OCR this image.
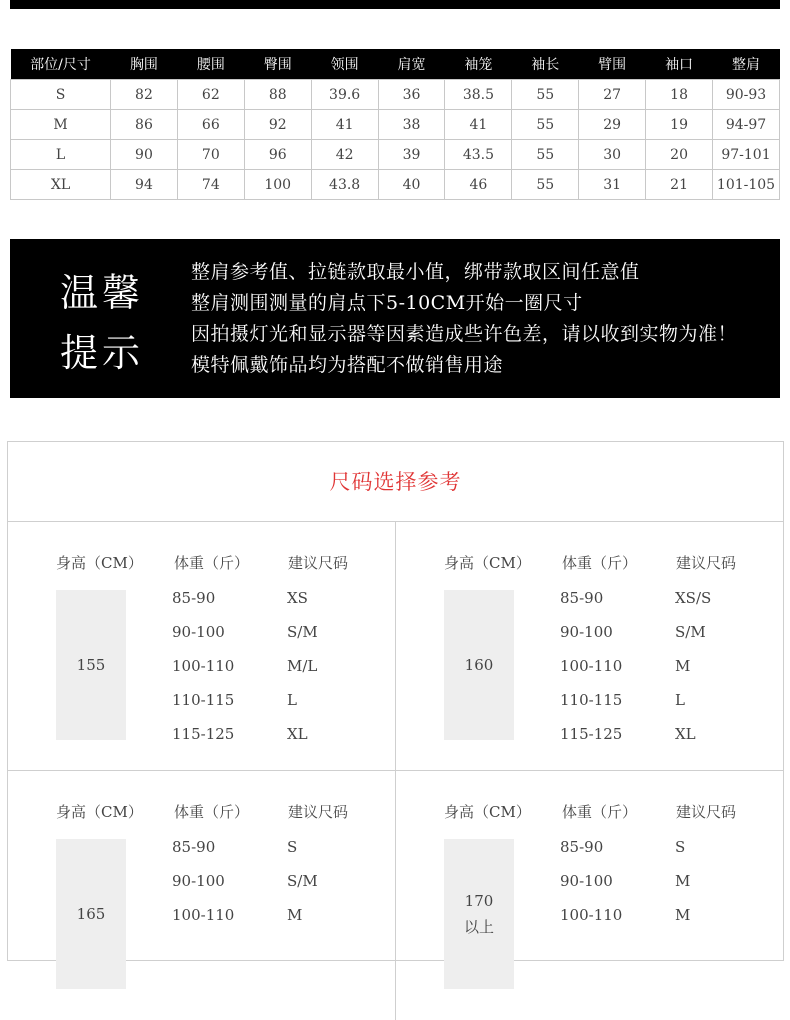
部位/尺寸	胸围	腰围	臀围	领围	肩宽	袖笼	袖长	臂围	袖口	整肩
S	82	62	88	39.6	36	38.5	55	27	18	90-93
M	86	66	92	41	38	41	55	29	19	94-97
L	90	70	96	42	39	43.5	55	30	20	97-101
XL	94	74	100	43.8	40	46	55	31	21	101-105
温馨
提示
整肩参考值、拉链款取最小值，绑带款取区间任意值
整肩测围测量的肩点下5-10CM开始一圈尺寸
因拍摄灯光和显示器等因素造成些许色差，请以收到实物为准！
模特佩戴饰品均为搭配不做销售用途
尺码选择参考
身高（CM） 体重（斤）	建议尺码
155
85-90	XS
90-100	S/M
100-110	M/L
110-115	L
115-125	XL
身高（CM） 体重（斤）	建议尺码
160
85-90	XS/S
90-100	S/M
100-110	M
110-115	L
115-125	XL
身高（CM） 体重（斤）	建议尺码
165
85-90	S
90-100	S/M
100-110	M
身高（CM） 体重（斤）	建议尺码
170
以上
85-90	S
90-100	M
100-110	M
